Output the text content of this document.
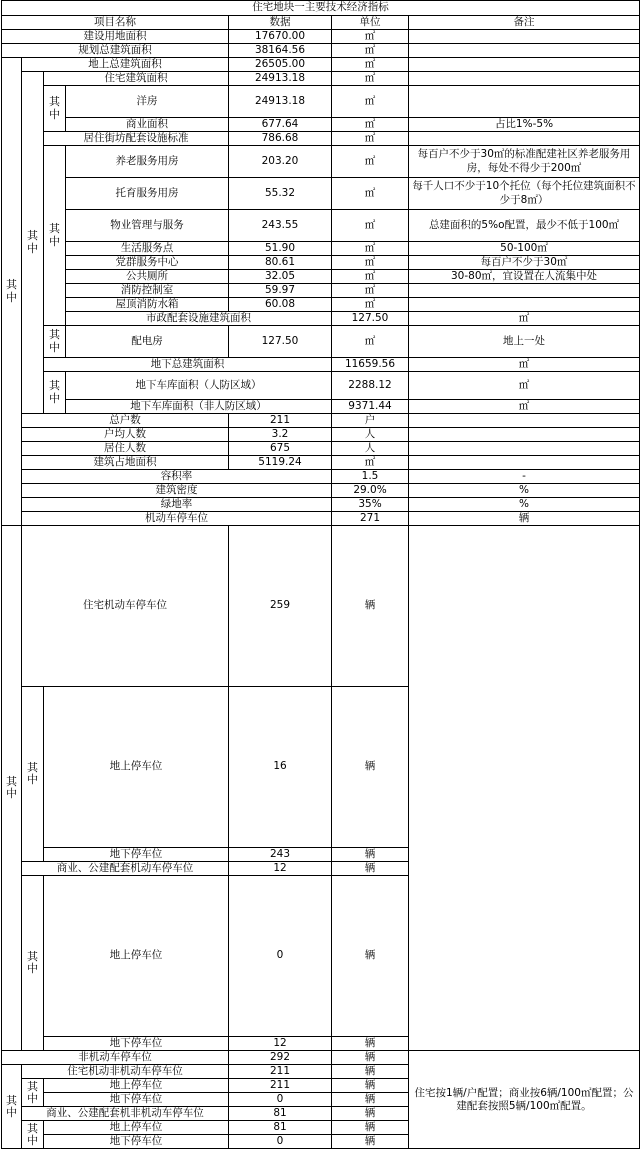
住宅地块一主要技术经济指标							
项目名称				数据	单位	备注	
建设用地面积				17670.00	㎡		
规划总建筑面积				38164.56	㎡		
其中	地上总建筑面积			26505.00	㎡		
	其中	住宅建筑面积		24913.18	㎡		
		其中	洋房	24913.18	㎡		
			商业面积	677.64	㎡	占比1%-5%	
		居住街坊配套设施标准		786.68	㎡		
		其中	养老服务用房	203.20	㎡	每百户不少于30㎡的标准配建社区养老服务用房，每处不得少于200㎡	
			托育服务用房	55.32	㎡	每千人口不少于10个托位（每个托位建筑面积不少于8㎡）	
			物业管理与服务	243.55	㎡	总建面积的5%o配置，最少不低于100㎡	
			生活服务点	51.90	㎡	50-100㎡	
			党群服务中心	80.61	㎡	每百户不少于30㎡	
			公共厕所	32.05	㎡	30-80㎡，宜设置在人流集中处	
			消防控制室	59.97	㎡		
			屋顶消防水箱	60.08	㎡		
			市政配套设施建筑面积		127.50	㎡	
		其中	配电房	127.50	㎡	地上一处	
		地下总建筑面积			11659.56	㎡	
		其中	地下车库面积（人防区域）		2288.12	㎡	
			地下车库面积（非人防区域）		9371.44	㎡	
	总户数			211	户		
	户均人数			3.2	人		
	居住人数			675	人		
	建筑占地面积			5119.24	㎡		
	容积率				1.5	-	
	建筑密度				29.0%	%	
	绿地率				35%	%	
	机动车停车位				271	辆	
其中	住宅机动车停车位			259	辆		
	其中	地上停车位		16	辆		
		地下停车位		243	辆		
	商业、公建配套机动车停车位			12	辆		
	其中	地上停车位		0	辆		
		地下停车位		12	辆		
非机动车停车位				292	辆	住宅按1辆/户配置；商业按6辆/100㎡配置；公建配套按照5辆/100㎡配置。	
其中	住宅机动非机动车停车位			211	辆		
	其中	地上停车位		211	辆		
		地下停车位		0	辆		
	商业、公建配套机非机动车停车位			81	辆		
	其中	地上停车位		81	辆		
		地下停车位		0	辆		
